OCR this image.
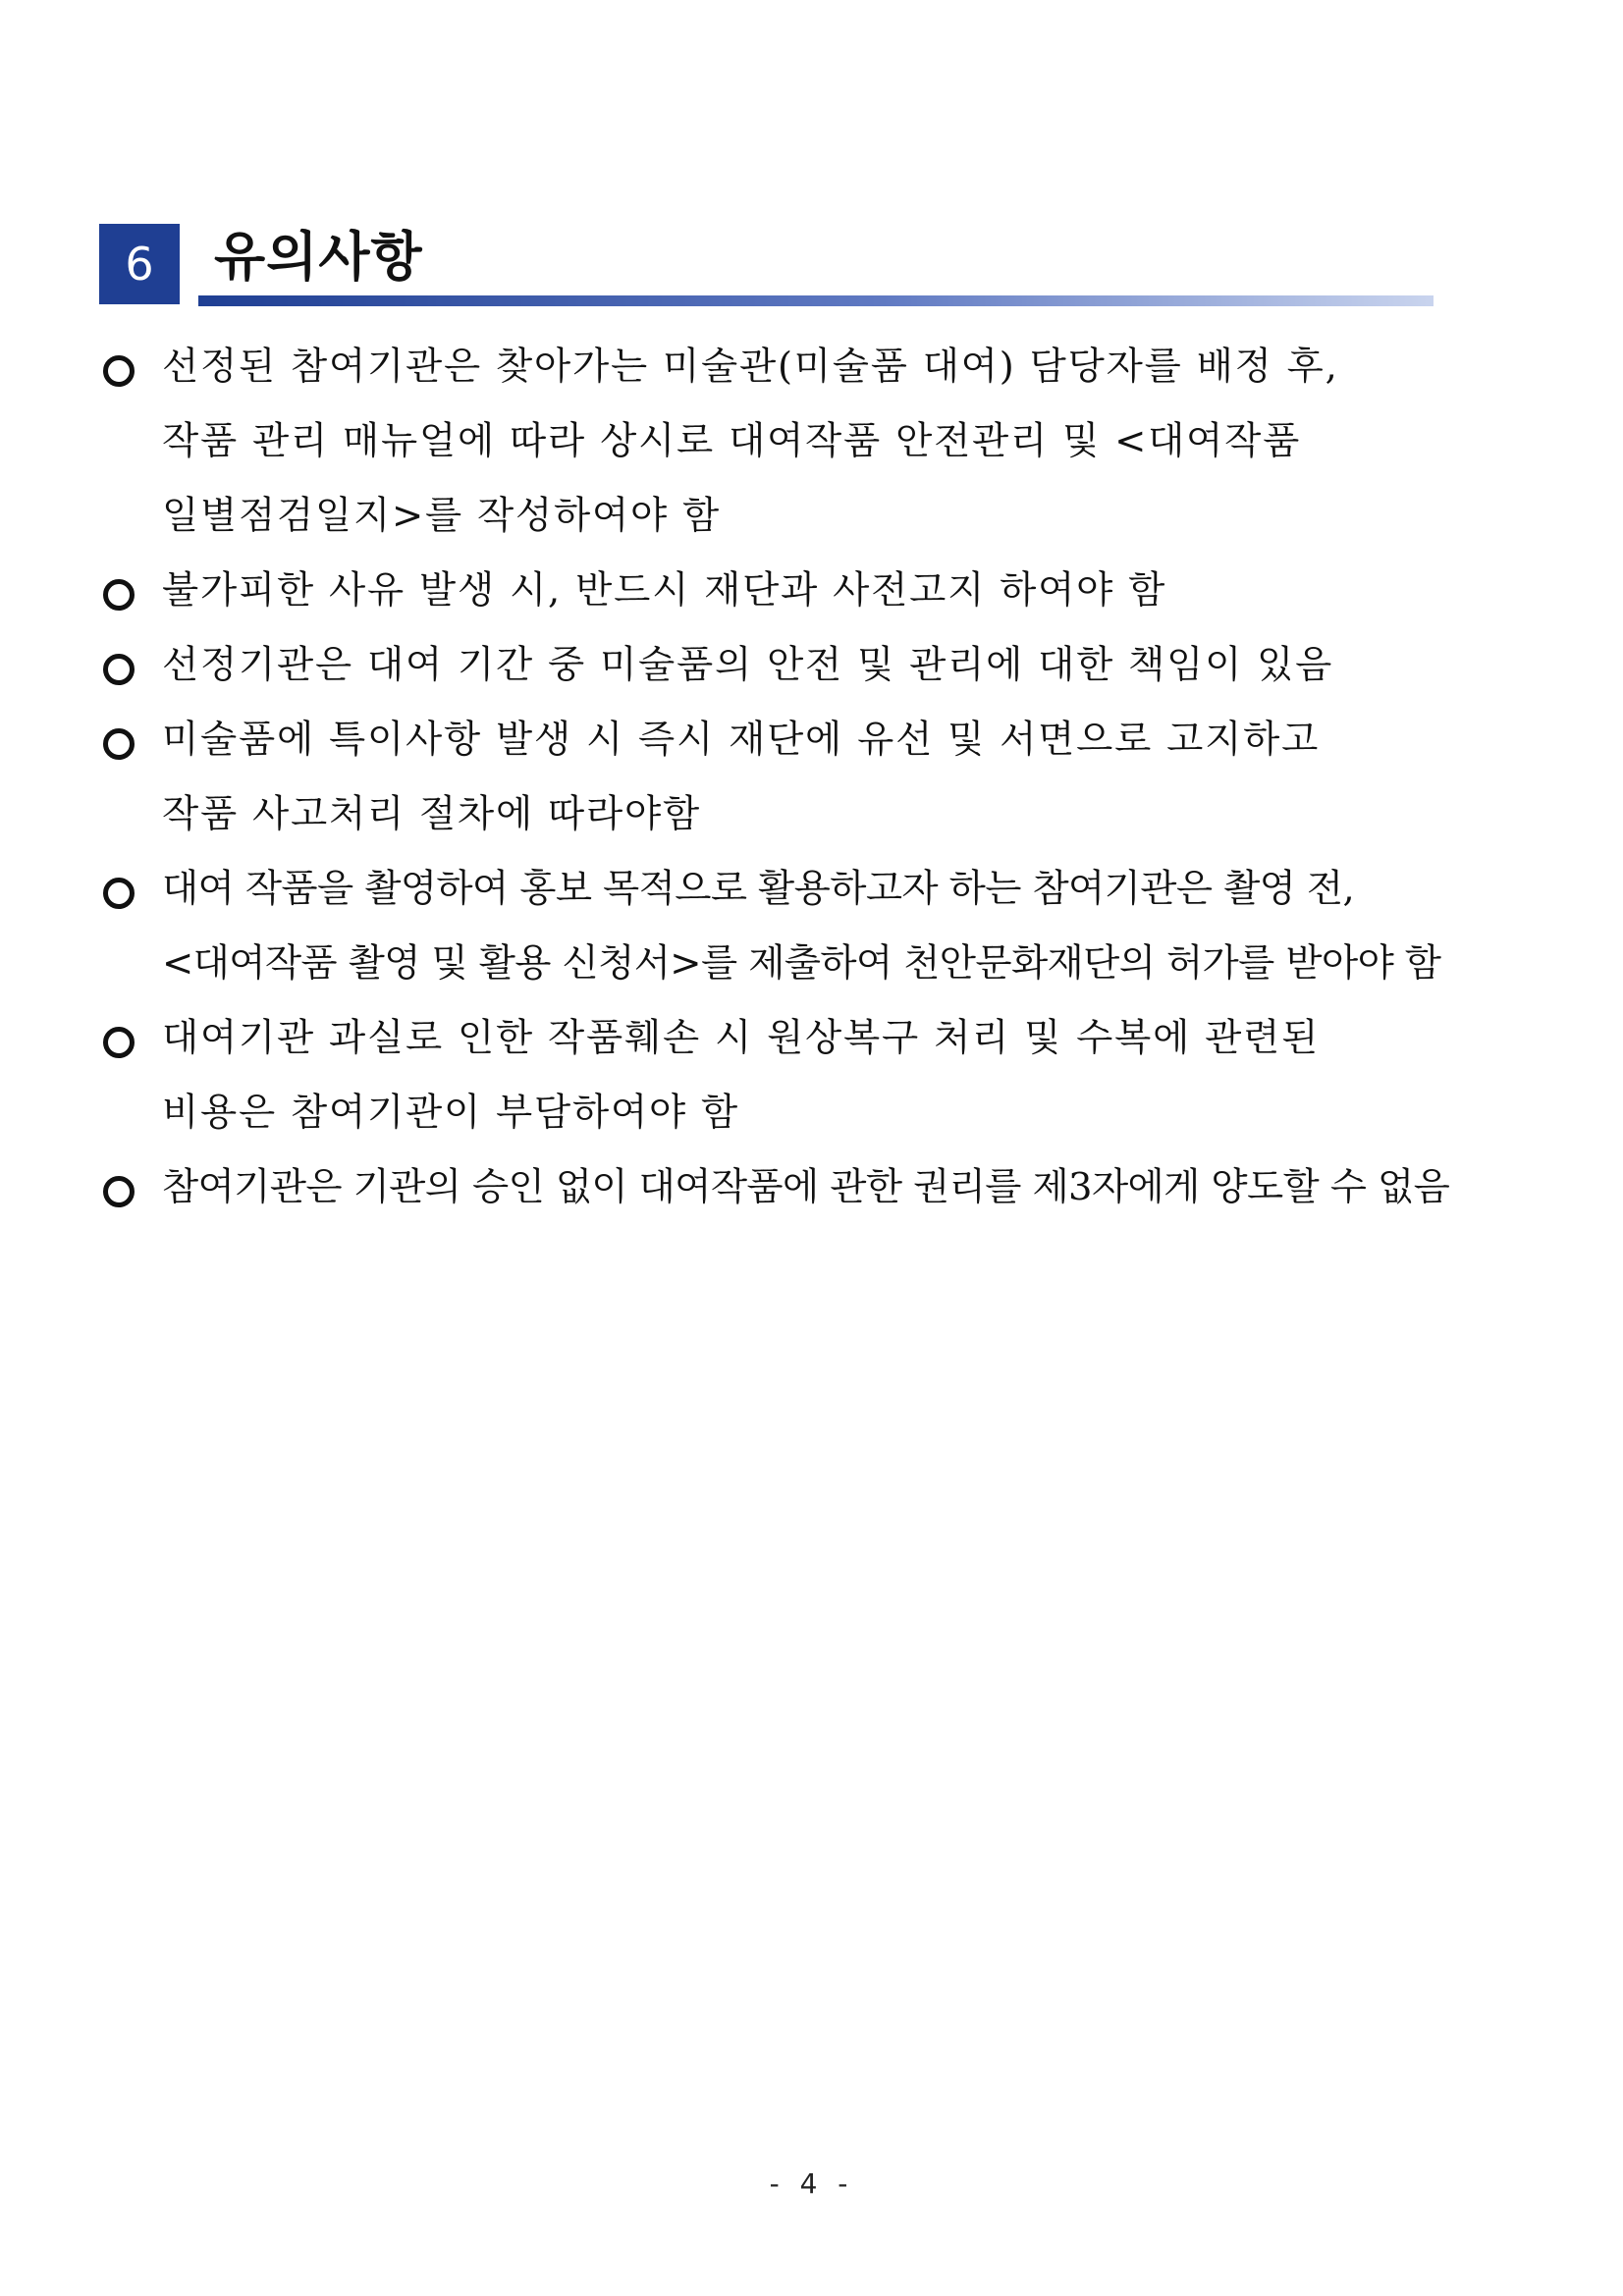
6	유의사항
선정된 참여기관은 찾아가는 미술관(미술품 대여) 담당자를 배정 후,
작품 관리 매뉴얼에 따라 상시로 대여작품 안전관리 및 <대여작품
일별점검일지>를 작성하여야 함
불가피한 사유 발생 시, 반드시 재단과 사전고지 하여야 함
선정기관은 대여 기간 중 미술품의 안전 및 관리에 대한 책임이 있음
미술품에 특이사항 발생 시 즉시 재단에 유선 및 서면으로 고지하고
작품 사고처리 절차에 따라야함
대여 작품을 촬영하여 홍보 목적으로 활용하고자 하는 참여기관은 촬영 전,
<대여작품 촬영 및 활용 신청서>를 제출하여 천안문화재단의 허가를 받아야 함
대여기관 과실로 인한 작품훼손 시 원상복구 처리 및 수복에 관련된
비용은 참여기관이 부담하여야 함
참여기관은 기관의 승인 없이 대여작품에 관한 권리를 제3자에게 양도할 수 없음
- 4 -
